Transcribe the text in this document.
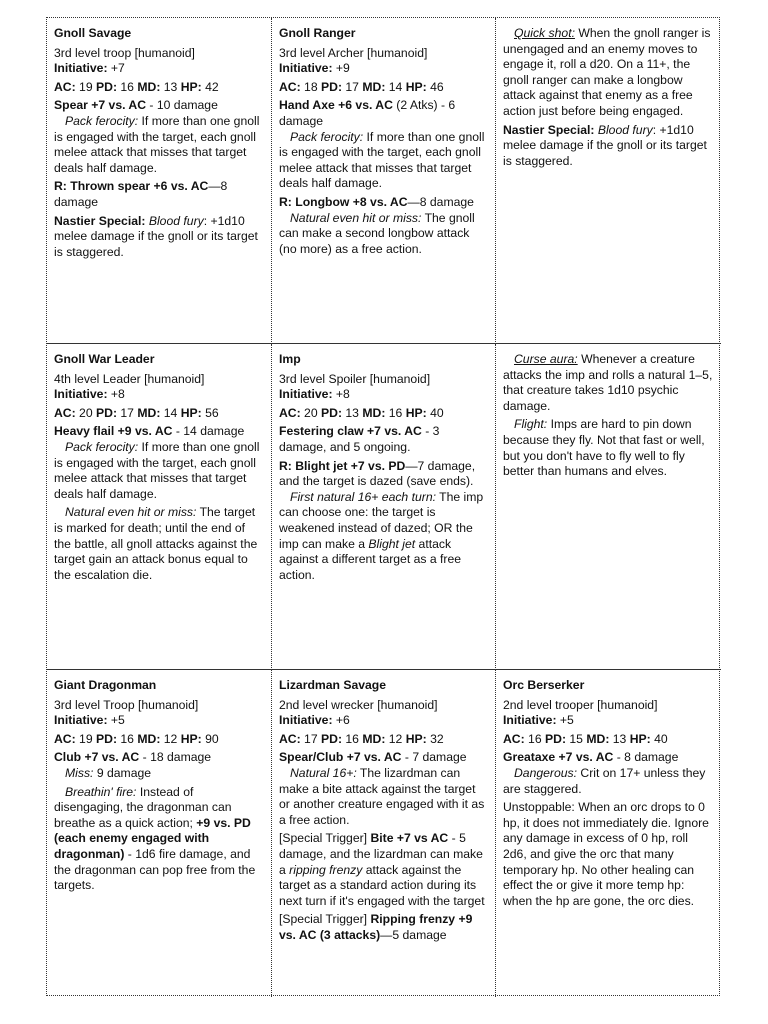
Gnoll Savage
3rd level troop [humanoid]
Initiative: +7
AC: 19 PD: 16 MD: 13 HP: 42
Spear +7 vs. AC - 10 damage
Pack ferocity: If more than one gnoll is engaged with the target, each gnoll melee attack that misses that target deals half damage.
R: Thrown spear +6 vs. AC—8 damage
Nastier Special: Blood fury: +1d10 melee damage if the gnoll or its target is staggered.
Gnoll Ranger
3rd level Archer [humanoid]
Initiative: +9
AC: 18 PD: 17 MD: 14 HP: 46
Hand Axe +6 vs. AC (2 Atks) - 6 damage
Pack ferocity: If more than one gnoll is engaged with the target, each gnoll melee attack that misses that target deals half damage.
R: Longbow +8 vs. AC—8 damage
Natural even hit or miss: The gnoll can make a second longbow attack (no more) as a free action.
Quick shot: When the gnoll ranger is unengaged and an enemy moves to engage it, roll a d20. On a 11+, the gnoll ranger can make a longbow attack against that enemy as a free action just before being engaged.
Nastier Special: Blood fury: +1d10 melee damage if the gnoll or its target is staggered.
Gnoll War Leader
4th level Leader [humanoid]
Initiative: +8
AC: 20 PD: 17 MD: 14 HP: 56
Heavy flail +9 vs. AC - 14 damage
Pack ferocity: If more than one gnoll is engaged with the target, each gnoll melee attack that misses that target deals half damage.
Natural even hit or miss: The target is marked for death; until the end of the battle, all gnoll attacks against the target gain an attack bonus equal to the escalation die.
Imp
3rd level Spoiler [humanoid]
Initiative: +8
AC: 20 PD: 13 MD: 16 HP: 40
Festering claw +7 vs. AC - 3 damage, and 5 ongoing.
R: Blight jet +7 vs. PD—7 damage, and the target is dazed (save ends).
First natural 16+ each turn: The imp can choose one: the target is weakened instead of dazed; OR the imp can make a Blight jet attack against a different target as a free action.
Curse aura: Whenever a creature attacks the imp and rolls a natural 1–5, that creature takes 1d10 psychic damage.
Flight: Imps are hard to pin down because they fly. Not that fast or well, but you don't have to fly well to fly better than humans and elves.
Giant Dragonman
3rd level Troop [humanoid]
Initiative: +5
AC: 19 PD: 16 MD: 12 HP: 90
Club +7 vs. AC - 18 damage
Miss: 9 damage
Breathin' fire: Instead of disengaging, the dragonman can breathe as a quick action; +9 vs. PD (each enemy engaged with dragonman) - 1d6 fire damage, and the dragonman can pop free from the targets.
Lizardman Savage
2nd level wrecker [humanoid]
Initiative: +6
AC: 17 PD: 16 MD: 12 HP: 32
Spear/Club +7 vs. AC - 7 damage
Natural 16+: The lizardman can make a bite attack against the target or another creature engaged with it as a free action.
[Special Trigger] Bite +7 vs AC - 5 damage, and the lizardman can make a ripping frenzy attack against the target as a standard action during its next turn if it's engaged with the target
[Special Trigger] Ripping frenzy +9 vs. AC (3 attacks)—5 damage
Orc Berserker
2nd level trooper [humanoid]
Initiative: +5
AC: 16 PD: 15 MD: 13 HP: 40
Greataxe +7 vs. AC - 8 damage
Dangerous: Crit on 17+ unless they are staggered.
Unstoppable: When an orc drops to 0 hp, it does not immediately die. Ignore any damage in excess of 0 hp, roll 2d6, and give the orc that many temporary hp. No other healing can effect the or give it more temp hp: when the hp are gone, the orc dies.
